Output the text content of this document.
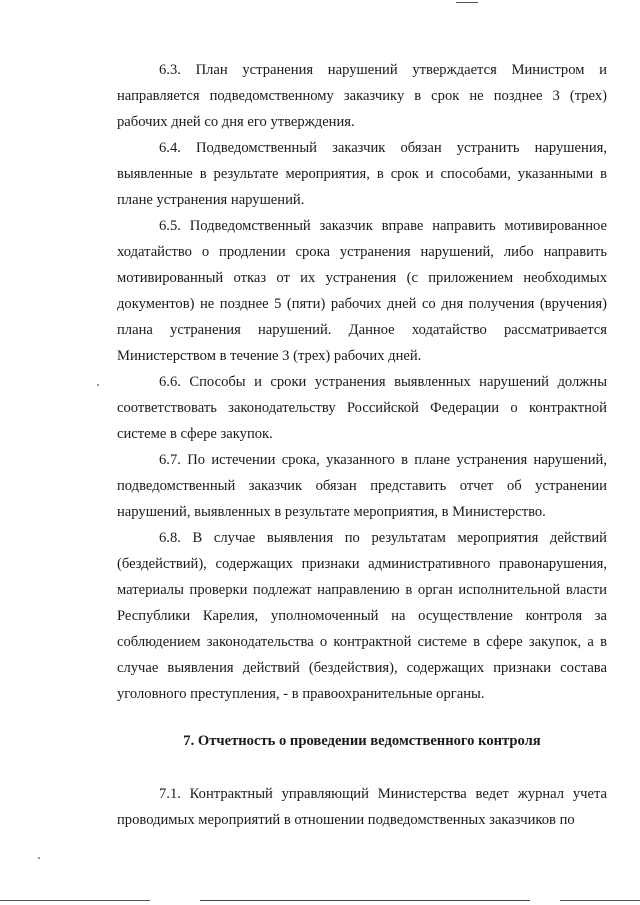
6.3. План устранения нарушений утверждается Министром и направляется подведомственному заказчику в срок не позднее 3 (трех) рабочих дней со дня его утверждения.

6.4. Подведомственный заказчик обязан устранить нарушения, выявленные в результате мероприятия, в срок и способами, указанными в плане устранения нарушений.

6.5. Подведомственный заказчик вправе направить мотивированное ходатайство о продлении срока устранения нарушений, либо направить мотивированный отказ от их устранения (с приложением необходимых документов) не позднее 5 (пяти) рабочих дней со дня получения (вручения) плана устранения нарушений. Данное ходатайство рассматривается Министерством в течение 3 (трех) рабочих дней.

6.6. Способы и сроки устранения выявленных нарушений должны соответствовать законодательству Российской Федерации о контрактной системе в сфере закупок.

6.7. По истечении срока, указанного в плане устранения нарушений, подведомственный заказчик обязан представить отчет об устранении нарушений, выявленных в результате мероприятия, в Министерство.

6.8. В случае выявления по результатам мероприятия действий (бездействий), содержащих признаки административного правонарушения, материалы проверки подлежат направлению в орган исполнительной власти Республики Карелия, уполномоченный на осуществление контроля за соблюдением законодательства о контрактной системе в сфере закупок, а в случае выявления действий (бездействия), содержащих признаки состава уголовного преступления, - в правоохранительные органы.

7. Отчетность о проведении ведомственного контроля

7.1. Контрактный управляющий Министерства ведет журнал учета проводимых мероприятий в отношении подведомственных заказчиков по
